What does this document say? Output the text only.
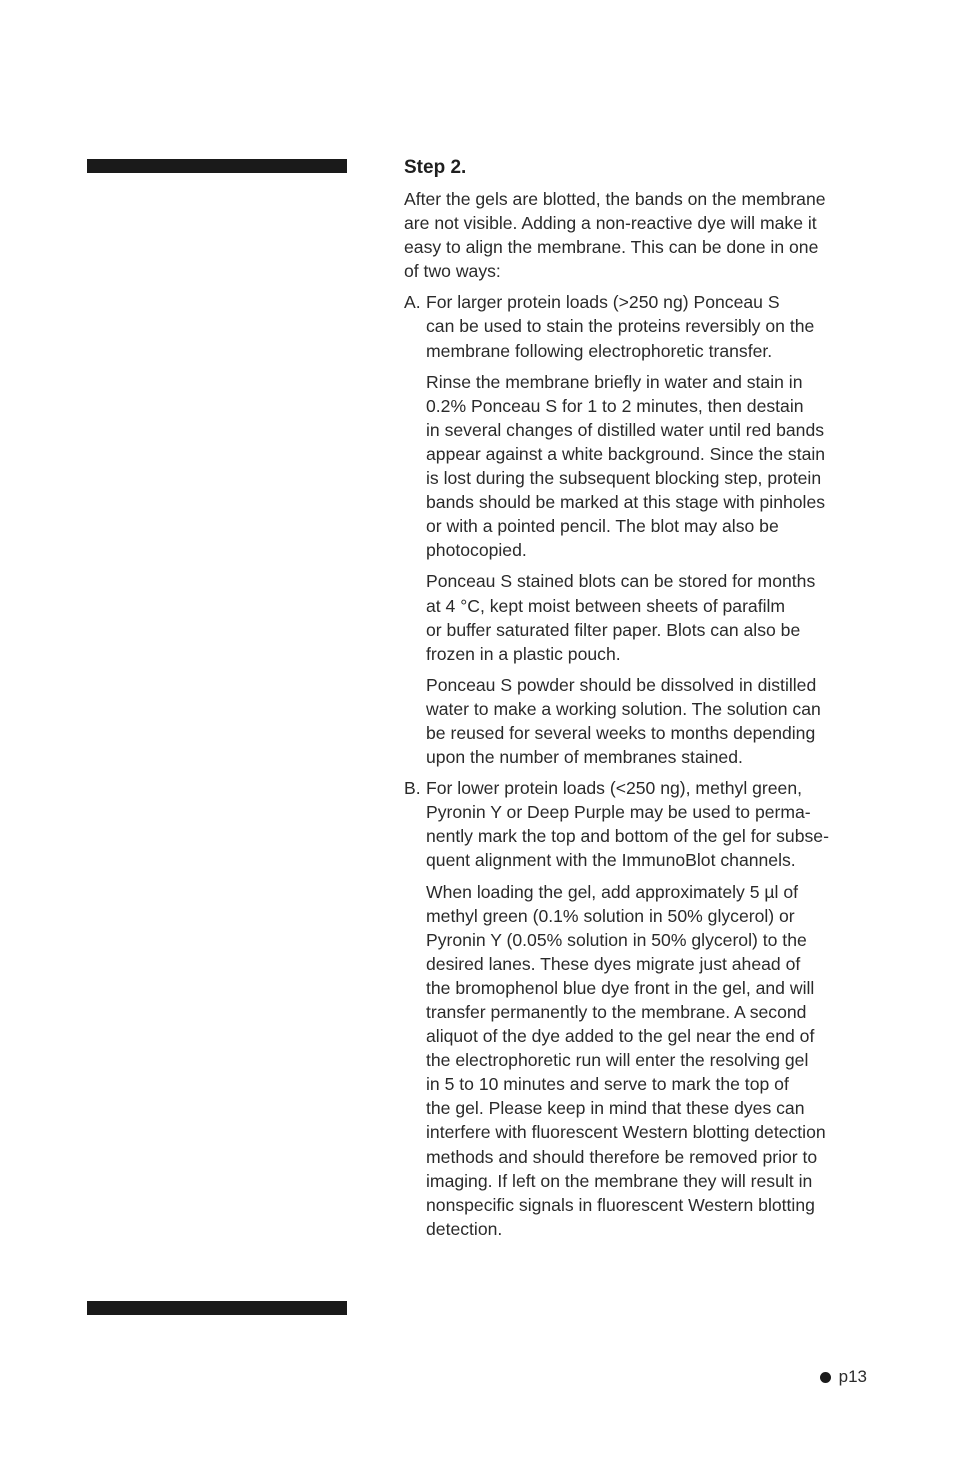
Step 2.

After the gels are blotted, the bands on the membrane
are not visible. Adding a non-reactive dye will make it
easy to align the membrane. This can be done in one
of two ways:

A. For larger protein loads (>250 ng) Ponceau S
can be used to stain the proteins reversibly on the
membrane following electrophoretic transfer.

Rinse the membrane briefly in water and stain in
0.2% Ponceau S for 1 to 2 minutes, then destain
in several changes of distilled water until red bands
appear against a white background. Since the stain
is lost during the subsequent blocking step, protein
bands should be marked at this stage with pinholes
or with a pointed pencil. The blot may also be
photocopied.

Ponceau S stained blots can be stored for months
at 4 °C, kept moist between sheets of parafilm
or buffer saturated filter paper. Blots can also be
frozen in a plastic pouch.

Ponceau S powder should be dissolved in distilled
water to make a working solution. The solution can
be reused for several weeks to months depending
upon the number of membranes stained.

B. For lower protein loads (<250 ng), methyl green,
Pyronin Y or Deep Purple may be used to perma-
nently mark the top and bottom of the gel for subse-
quent alignment with the ImmunoBlot channels.

When loading the gel, add approximately 5 µl of
methyl green (0.1% solution in 50% glycerol) or
Pyronin Y (0.05% solution in 50% glycerol) to the
desired lanes. These dyes migrate just ahead of
the bromophenol blue dye front in the gel, and will
transfer permanently to the membrane. A second
aliquot of the dye added to the gel near the end of
the electrophoretic run will enter the resolving gel
in 5 to 10 minutes and serve to mark the top of
the gel. Please keep in mind that these dyes can
interfere with fluorescent Western blotting detection
methods and should therefore be removed prior to
imaging. If left on the membrane they will result in
nonspecific signals in fluorescent Western blotting
detection.

p13
